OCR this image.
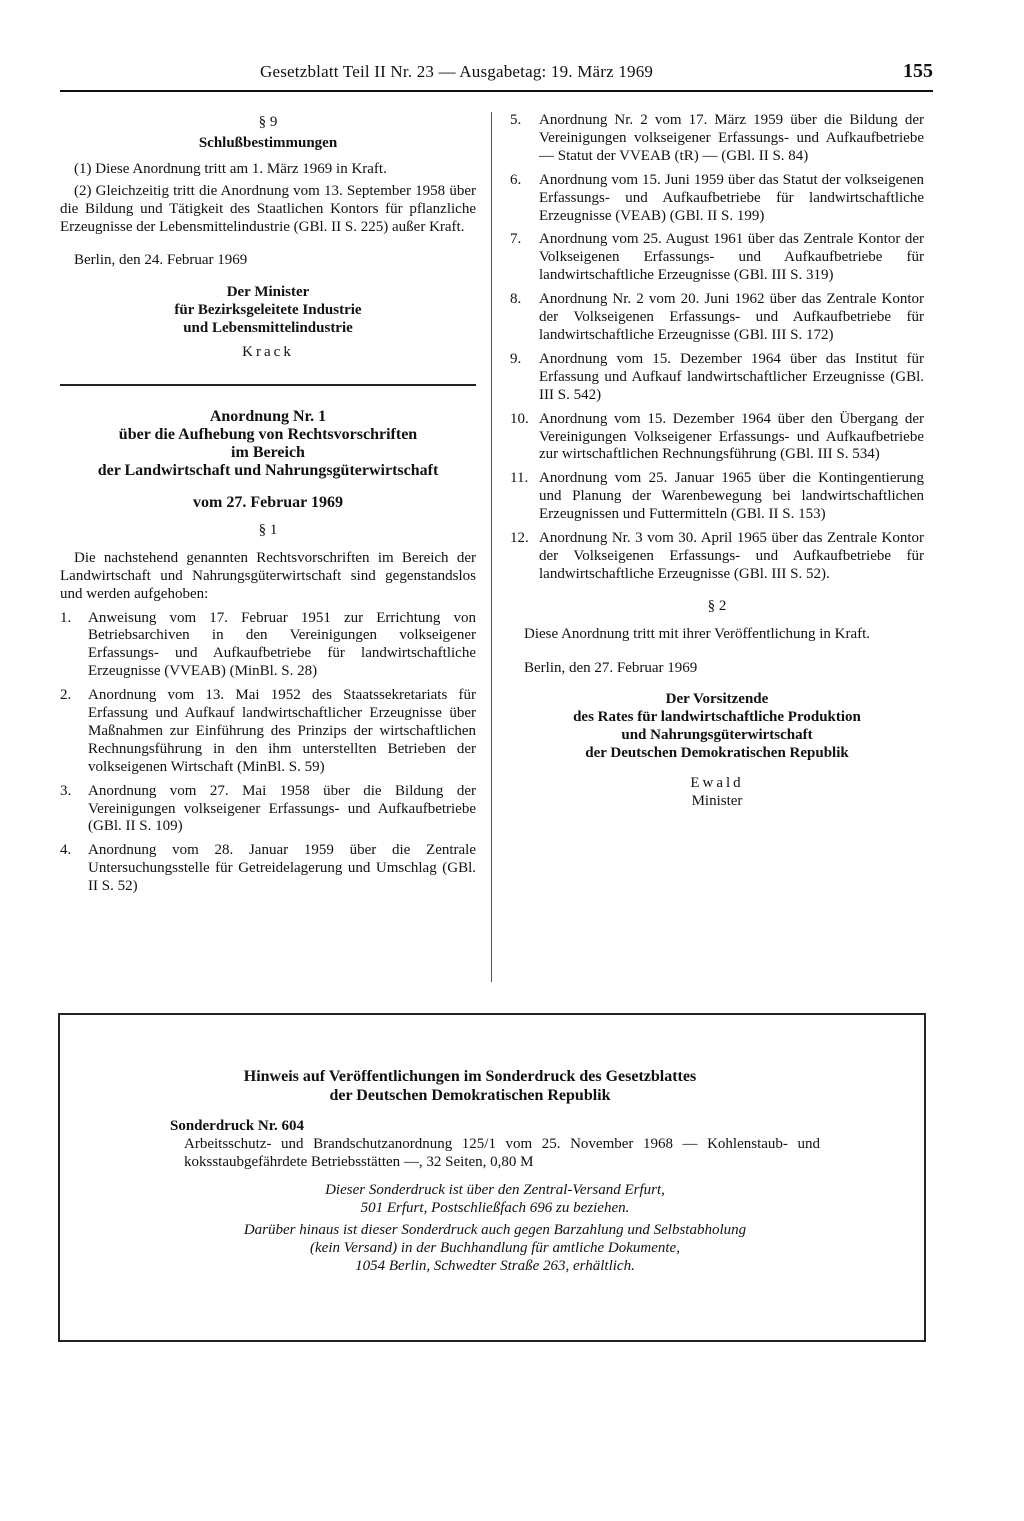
Gesetzblatt Teil II Nr. 23 — Ausgabetag: 19. März 1969	155

§ 9

Schlußbestimmungen

(1) Diese Anordnung tritt am 1. März 1969 in Kraft.

(2) Gleichzeitig tritt die Anordnung vom 13. September 1958 über die Bildung und Tätigkeit des Staatlichen Kontors für pflanzliche Erzeugnisse der Lebensmittelindustrie (GBl. II S. 225) außer Kraft.

Berlin, den 24. Februar 1969

Der Minister
für Bezirksgeleitete Industrie
und Lebensmittelindustrie

Krack

Anordnung Nr. 1
über die Aufhebung von Rechtsvorschriften
im Bereich
der Landwirtschaft und Nahrungsgüterwirtschaft

vom 27. Februar 1969

§ 1

Die nachstehend genannten Rechtsvorschriften im Bereich der Landwirtschaft und Nahrungsgüterwirtschaft sind gegenstandslos und werden aufgehoben:

1. Anweisung vom 17. Februar 1951 zur Errichtung von Betriebsarchiven in den Vereinigungen volkseigener Erfassungs- und Aufkaufbetriebe für landwirtschaftliche Erzeugnisse (VVEAB) (MinBl. S. 28)
2. Anordnung vom 13. Mai 1952 des Staatssekretariats für Erfassung und Aufkauf landwirtschaftlicher Erzeugnisse über Maßnahmen zur Einführung des Prinzips der wirtschaftlichen Rechnungsführung in den ihm unterstellten Betrieben der volkseigenen Wirtschaft (MinBl. S. 59)
3. Anordnung vom 27. Mai 1958 über die Bildung der Vereinigungen volkseigener Erfassungs- und Aufkaufbetriebe (GBl. II S. 109)
4. Anordnung vom 28. Januar 1959 über die Zentrale Untersuchungsstelle für Getreidelagerung und Umschlag (GBl. II S. 52)
5. Anordnung Nr. 2 vom 17. März 1959 über die Bildung der Vereinigungen volkseigener Erfassungs- und Aufkaufbetriebe — Statut der VVEAB (tR) — (GBl. II S. 84)
6. Anordnung vom 15. Juni 1959 über das Statut der volkseigenen Erfassungs- und Aufkaufbetriebe für landwirtschaftliche Erzeugnisse (VEAB) (GBl. II S. 199)
7. Anordnung vom 25. August 1961 über das Zentrale Kontor der Volkseigenen Erfassungs- und Aufkaufbetriebe für landwirtschaftliche Erzeugnisse (GBl. III S. 319)
8. Anordnung Nr. 2 vom 20. Juni 1962 über das Zentrale Kontor der Volkseigenen Erfassungs- und Aufkaufbetriebe für landwirtschaftliche Erzeugnisse (GBl. III S. 172)
9. Anordnung vom 15. Dezember 1964 über das Institut für Erfassung und Aufkauf landwirtschaftlicher Erzeugnisse (GBl. III S. 542)
10. Anordnung vom 15. Dezember 1964 über den Übergang der Vereinigungen Volkseigener Erfassungs- und Aufkaufbetriebe zur wirtschaftlichen Rechnungsführung (GBl. III S. 534)
11. Anordnung vom 25. Januar 1965 über die Kontingentierung und Planung der Warenbewegung bei landwirtschaftlichen Erzeugnissen und Futtermitteln (GBl. II S. 153)
12. Anordnung Nr. 3 vom 30. April 1965 über das Zentrale Kontor der Volkseigenen Erfassungs- und Aufkaufbetriebe für landwirtschaftliche Erzeugnisse (GBl. III S. 52).

§ 2

Diese Anordnung tritt mit ihrer Veröffentlichung in Kraft.

Berlin, den 27. Februar 1969

Der Vorsitzende
des Rates für landwirtschaftliche Produktion
und Nahrungsgüterwirtschaft
der Deutschen Demokratischen Republik

Ewald

Minister

Hinweis auf Veröffentlichungen im Sonderdruck des Gesetzblattes
der Deutschen Demokratischen Republik

Sonderdruck Nr. 604

Arbeitsschutz- und Brandschutzanordnung 125/1 vom 25. November 1968 — Kohlenstaub- und koksstaubgefährdete Betriebsstätten —, 32 Seiten, 0,80 M

Dieser Sonderdruck ist über den Zentral-Versand Erfurt,
501 Erfurt, Postschließfach 696 zu beziehen.
Darüber hinaus ist dieser Sonderdruck auch gegen Barzahlung und Selbstabholung
(kein Versand) in der Buchhandlung für amtliche Dokumente,
1054 Berlin, Schwedter Straße 263, erhältlich.
